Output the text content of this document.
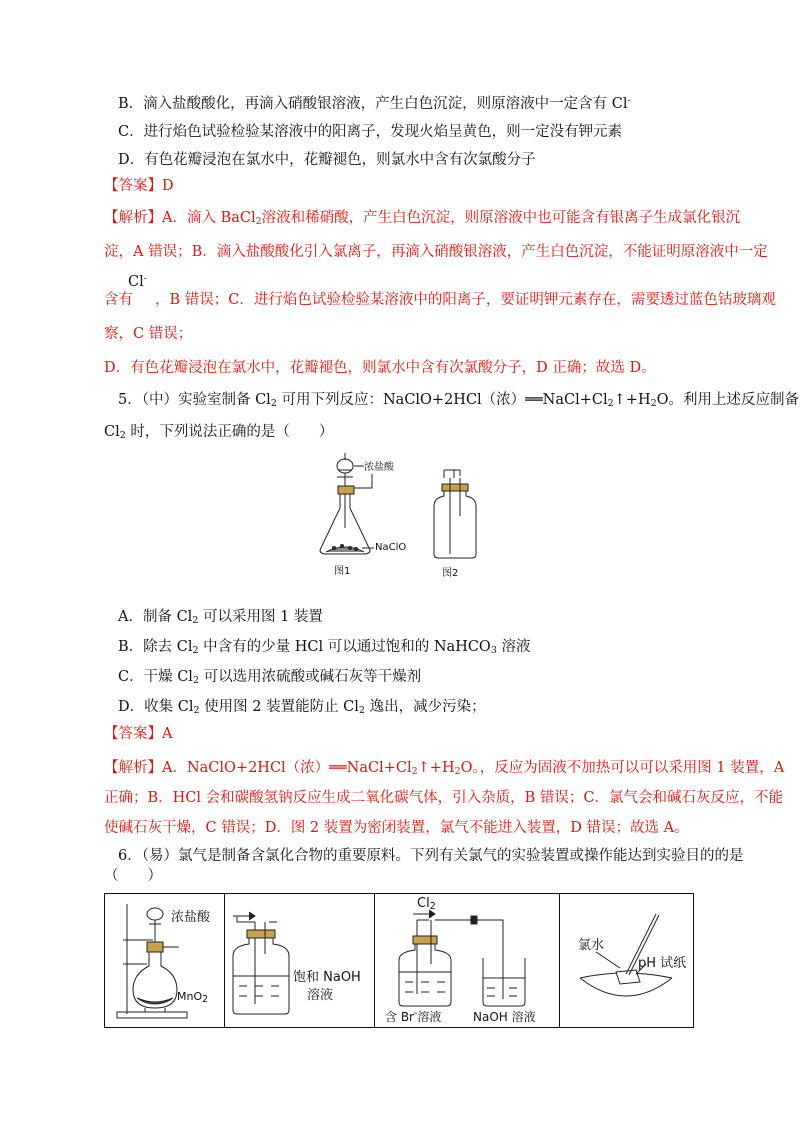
B．滴入盐酸酸化，再滴入硝酸银溶液，产生白色沉淀，则原溶液中一定含有 Cl-
C．进行焰色试验检验某溶液中的阳离子，发现火焰呈黄色，则一定没有钾元素
D．有色花瓣浸泡在氯水中，花瓣褪色，则氯水中含有次氯酸分子
【答案】D
【解析】A．滴入 BaCl$_2$溶液和稀硝酸，产生白色沉淀，则原溶液中也可能含有银离子生成氯化银沉
淀，A 错误；B．滴入盐酸酸化引入氯离子，再滴入硝酸银溶液，产生白色沉淀，不能证明原溶液中一定
Cl-
含有 ，B 错误；C．进行焰色试验检验某溶液中的阳离子，要证明钾元素存在，需要透过蓝色钴玻璃观
察，C 错误；
D．有色花瓣浸泡在氯水中，花瓣褪色，则氯水中含有次氯酸分子，D 正确；故选 D。
5．（中）实验室制备 $Cl_2$ 可用下列反应：NaClO+2HCl（浓）$══NaCl+Cl_2↑+H_2O$。利用上述反应制备
$Cl_2$ 时，下列说法正确的是（　　）
浓盐酸
NaClO
图1	图2
A．制备 $Cl_2$ 可以采用图 1 装置
B．除去 $Cl_2$ 中含有的少量 HCl 可以通过饱和的 NaHCO$_3$ 溶液
C．干燥 $Cl_2$ 可以选用浓硫酸或碱石灰等干燥剂
D．收集 $Cl_2$ 使用图 2 装置能防止 $Cl_2$ 逸出，减少污染；
【答案】A
【解析】A．NaClO+2HCl（浓）$══NaCl+Cl_2↑+H_2O$。，反应为固液不加热可以可以采用图 1 装置，A
正确；B．HCl 会和碳酸氢钠反应生成二氧化碳气体，引入杂质，B 错误；C．氯气会和碱石灰反应，不能
使碱石灰干燥，C 错误；D．图 2 装置为密闭装置，氯气不能进入装置，D 错误；故选 A。
6．（易）氯气是制备含氯化合物的重要原料。下列有关氯气的实验装置或操作能达到实验目的的是
（　　）
浓盐酸
MnO$_2$
饱和 NaOH
溶液
$Cl_2$
含 Br-溶液	NaOH 溶液
氯水
pH 试纸
